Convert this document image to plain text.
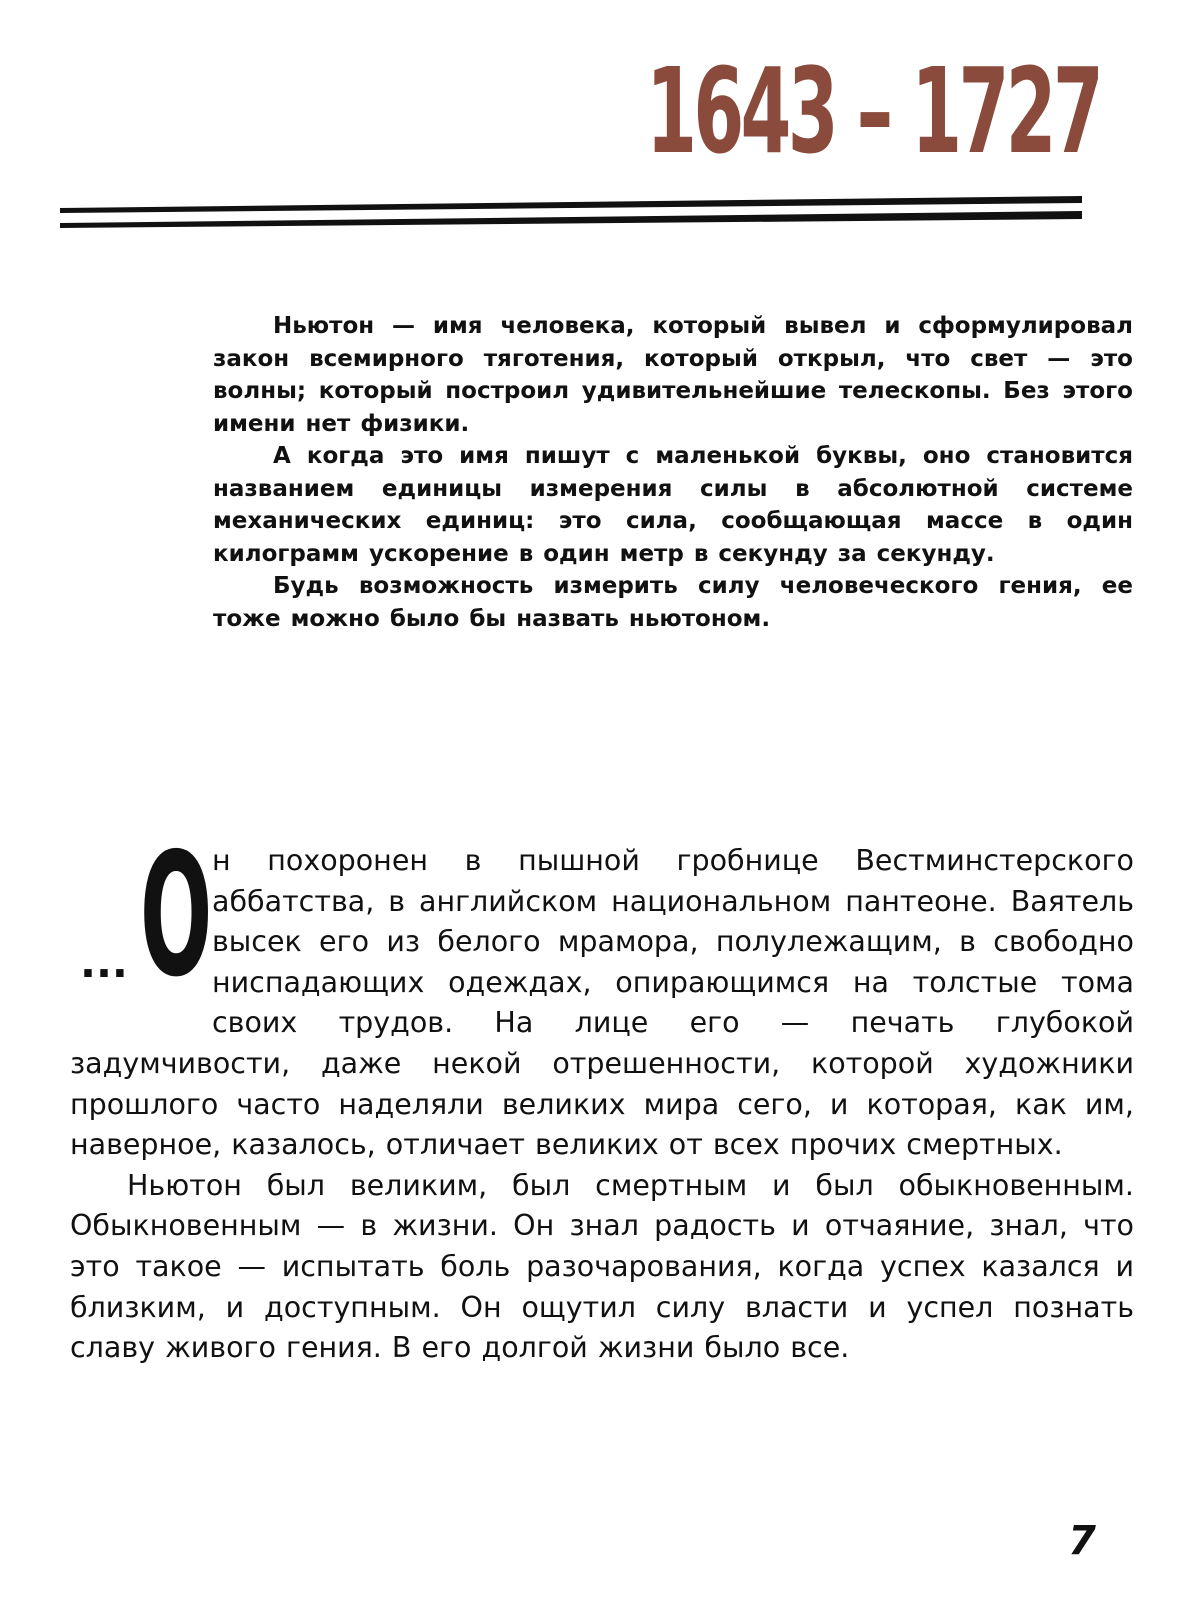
1643 – 1727

Ньютон — имя человека, который вывел и сформулировал закон всемирного тяготения, который открыл, что свет — это волны; который построил удивительнейшие телескопы. Без этого имени нет физики.

А когда это имя пишут с маленькой буквы, оно становится названием единицы измерения силы в абсолютной системе механических единиц: это сила, сообщающая массе в один килограмм ускорение в один метр в секунду за секунду.

Будь возможность измерить силу человеческого гения, ее тоже можно было бы назвать ньютоном.

... О н похоронен в пышной гробнице Вестминстерского аббатства, в английском национальном пантеоне. Ваятель высек его из белого мрамора, полулежащим, в свободно ниспадающих одеждах, опирающимся на толстые тома своих трудов. На лице его — печать глубокой задумчивости, даже некой отрешенности, которой художники прошлого часто наделяли великих мира сего, и которая, как им, наверное, казалось, отличает великих от всех прочих смертных.

Ньютон был великим, был смертным и был обыкновенным. Обыкновенным — в жизни. Он знал радость и отчаяние, знал, что это такое — испытать боль разочарования, когда успех казался и близким, и доступным. Он ощутил силу власти и успел познать славу живого гения. В его долгой жизни было все.

7
